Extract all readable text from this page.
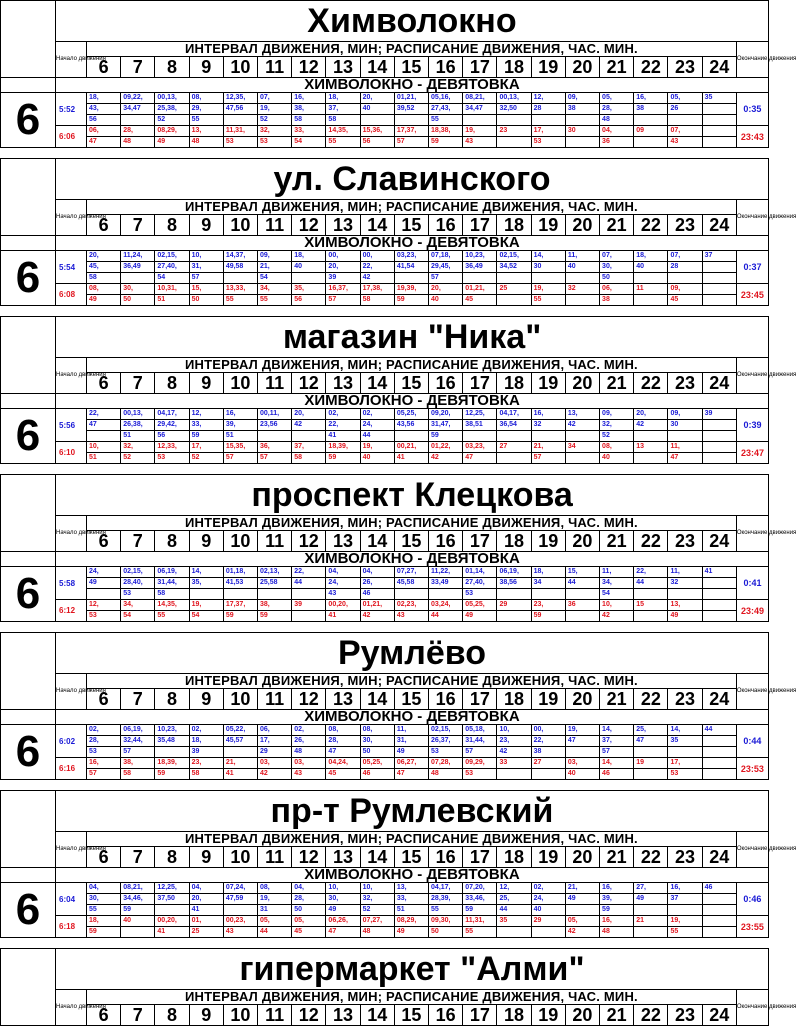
	Химволокно																				
	Начало движения	ИНТЕРВАЛ ДВИЖЕНИЯ, МИН; РАСПИСАНИЕ ДВИЖЕНИЯ, ЧАС. МИН.																			Окончание движения
		6	7	8	9	10	11	12	13	14	15	16	17	18	19	20	21	22	23	24	
	ХИМВОЛОКНО - ДЕВЯТОВКА																				
6	5:52	18,	09,22,	00,13,	08,	12,35,	07,	16,	18,	20,	01,21,	05,16,	08,21,	00,13,	12,	09,	05,	16,	05,	35	0:35
		43,	34,47	25,38,	29,	47,56	19,	38,	37,	40	39,52	27,43,	34,47	32,50	28	38	28,	38	26		
		56		52	55		52	58	58			55					48				
	6:06	06,	28,	08,29,	13,	11,31,	32,	33,	14,35,	15,36,	17,37,	18,38,	19,	23	17,	30	04,	09	07,		23:43
		47	48	49	48	53	53	54	55	56	57	59	43		53		36		43		
	ул. Славинского																				
	Начало движения	ИНТЕРВАЛ ДВИЖЕНИЯ, МИН; РАСПИСАНИЕ ДВИЖЕНИЯ, ЧАС. МИН.																			Окончание движения
		6	7	8	9	10	11	12	13	14	15	16	17	18	19	20	21	22	23	24	
	ХИМВОЛОКНО - ДЕВЯТОВКА																				
6	5:54	20,	11,24,	02,15,	10,	14,37,	09,	18,	00,	00,	03,23,	07,18,	10,23,	02,15,	14,	11,	07,	18,	07,	37	0:37
		45,	36,49	27,40,	31,	49,58	21,	40	20,	22,	41,54	29,45,	36,49	34,52	30	40	30,	40	28		
		58		54	57		54		39	42		57					50				
	6:08	08,	30,	10,31,	15,	13,33,	34,	35,	16,37,	17,38,	19,39,	20,	01,21,	25	19,	32	06,	11	09,		23:45
		49	50	51	50	55	55	56	57	58	59	40	45		55		38		45		
	магазин "Ника"																				
	Начало движения	ИНТЕРВАЛ ДВИЖЕНИЯ, МИН; РАСПИСАНИЕ ДВИЖЕНИЯ, ЧАС. МИН.																			Окончание движения
		6	7	8	9	10	11	12	13	14	15	16	17	18	19	20	21	22	23	24	
	ХИМВОЛОКНО - ДЕВЯТОВКА																				
6	5:56	22,	00,13,	04,17,	12,	16,	00,11,	20,	02,	02,	05,25,	09,20,	12,25,	04,17,	16,	13,	09,	20,	09,	39	0:39
		47	26,38,	29,42,	33,	39,	23,56	42	22,	24,	43,56	31,47,	38,51	36,54	32	42	32,	42	30		
			51	56	59	51			41	44		59					52				
	6:10	10,	32,	12,33,	17,	15,35,	36,	37,	18,39,	19,	00,21,	01,22,	03,23,	27	21,	34	08,	13	11,		23:47
		51	52	53	52	57	57	58	59	40	41	42	47		57		40		47		
	проспект Клецкова																				
	Начало движения	ИНТЕРВАЛ ДВИЖЕНИЯ, МИН; РАСПИСАНИЕ ДВИЖЕНИЯ, ЧАС. МИН.																			Окончание движения
		6	7	8	9	10	11	12	13	14	15	16	17	18	19	20	21	22	23	24	
	ХИМВОЛОКНО - ДЕВЯТОВКА																				
6	5:58	24,	02,15,	06,19,	14,	01,18,	02,13,	22,	04,	04,	07,27,	11,22,	01,14,	06,19,	18,	15,	11,	22,	11,	41	0:41
		49	28,40,	31,44,	35,	41,53	25,58	44	24,	26,	45,58	33,49	27,40,	38,56	34	44	34,	44	32		
			53	58					43	46			53				54				
	6:12	12,	34,	14,35,	19,	17,37,	38,	39	00,20,	01,21,	02,23,	03,24,	05,25,	29	23,	36	10,	15	13,		23:49
		53	54	55	54	59	59		41	42	43	44	49		59		42		49		
	Румлёво																				
	Начало движения	ИНТЕРВАЛ ДВИЖЕНИЯ, МИН; РАСПИСАНИЕ ДВИЖЕНИЯ, ЧАС. МИН.																			Окончание движения
		6	7	8	9	10	11	12	13	14	15	16	17	18	19	20	21	22	23	24	
	ХИМВОЛОКНО - ДЕВЯТОВКА																				
6	6:02	02,	06,19,	10,23,	02,	05,22,	06,	02,	08,	08,	11,	02,15,	05,18,	10,	00,	19,	14,	25,	14,	44	0:44
		28,	32,44,	35,48	18,	45,57	17,	26,	28,	30,	31,	26,37,	31,44,	23,	22,	47	37,	47	35		
		53	57		39		29	48	47	50	49	53	57	42	38		57				
	6:16	16,	38,	18,39,	23,	21,	03,	03,	04,24,	05,25,	06,27,	07,28,	09,29,	33	27	03,	14,	19	17,		23:53
		57	58	59	58	41	42	43	45	46	47	48	53			40	46		53		
	пр-т Румлевский																				
	Начало движения	ИНТЕРВАЛ ДВИЖЕНИЯ, МИН; РАСПИСАНИЕ ДВИЖЕНИЯ, ЧАС. МИН.																			Окончание движения
		6	7	8	9	10	11	12	13	14	15	16	17	18	19	20	21	22	23	24	
	ХИМВОЛОКНО - ДЕВЯТОВКА																				
6	6:04	04,	08,21,	12,25,	04,	07,24,	08,	04,	10,	10,	13,	04,17,	07,20,	12,	02,	21,	16,	27,	16,	46	0:46
		30,	34,46,	37,50	20,	47,59	19,	28,	30,	32,	33,	28,39,	33,46,	25,	24,	49	39,	49	37		
		55	59		41		31	50	49	52	51	55	59	44	40		59				
	6:18	18,	40	00,20,	01,	00,23,	05,	05,	06,26,	07,27,	08,29,	09,30,	11,31,	35	29	05,	16,	21	19,		23:55
		59		41	25	43	44	45	47	48	49	50	55			42	48		55		
	гипермаркет "Алми"																				
	Начало движения	ИНТЕРВАЛ ДВИЖЕНИЯ, МИН; РАСПИСАНИЕ ДВИЖЕНИЯ, ЧАС. МИН.																			Окончание движения
		6	7	8	9	10	11	12	13	14	15	16	17	18	19	20	21	22	23	24	
